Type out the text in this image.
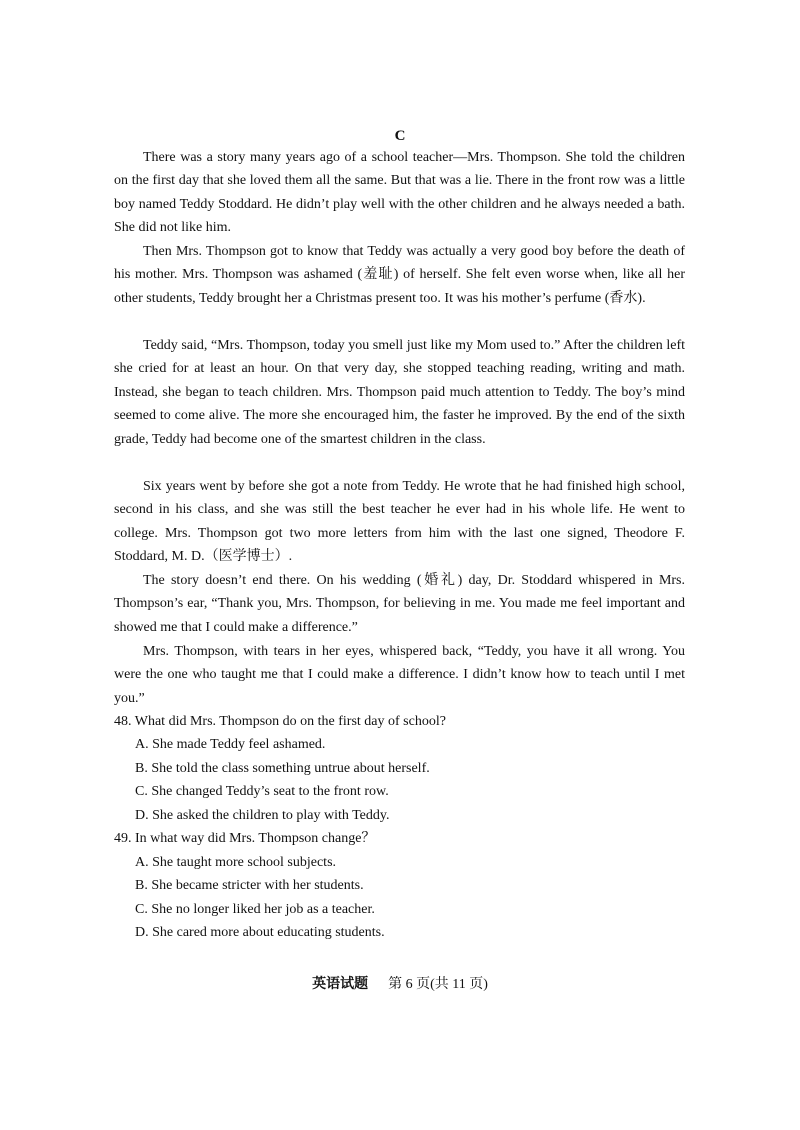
C

There was a story many years ago of a school teacher—Mrs. Thompson. She told the children on the first day that she loved them all the same. But that was a lie. There in the front row was a little boy named Teddy Stoddard. He didn’t play well with the other children and he always needed a bath. She did not like him.

Then Mrs. Thompson got to know that Teddy was actually a very good boy before the death of his mother. Mrs. Thompson was ashamed (羞耻) of herself. She felt even worse when, like all her other students, Teddy brought her a Christmas present too. It was his mother’s perfume (香水).

Teddy said, “Mrs. Thompson, today you smell just like my Mom used to.” After the children left she cried for at least an hour. On that very day, she stopped teaching reading, writing and math. Instead, she began to teach children. Mrs. Thompson paid much attention to Teddy. The boy’s mind seemed to come alive. The more she encouraged him, the faster he improved. By the end of the sixth grade, Teddy had become one of the smartest children in the class.

Six years went by before she got a note from Teddy. He wrote that he had finished high school, second in his class, and she was still the best teacher he ever had in his whole life. He went to college. Mrs. Thompson got two more letters from him with the last one signed, Theodore F. Stoddard, M. D.（医学博士）.

The story doesn’t end there. On his wedding (婚礼) day, Dr. Stoddard whispered in Mrs. Thompson’s ear, “Thank you, Mrs. Thompson, for believing in me. You made me feel important and showed me that I could make a difference.”

Mrs. Thompson, with tears in her eyes, whispered back, “Teddy, you have it all wrong. You were the one who taught me that I could make a difference. I didn’t know how to teach until I met you.”

48. What did Mrs. Thompson do on the first day of school?
A. She made Teddy feel ashamed.
B. She told the class something untrue about herself.
C. She changed Teddy’s seat to the front row.
D. She asked the children to play with Teddy.
49. In what way did Mrs. Thompson change？
A. She taught more school subjects.
B. She became stricter with her students.
C. She no longer liked her job as a teacher.
D. She cared more about educating students.
英语试题 第 6 页(共 11 页)
